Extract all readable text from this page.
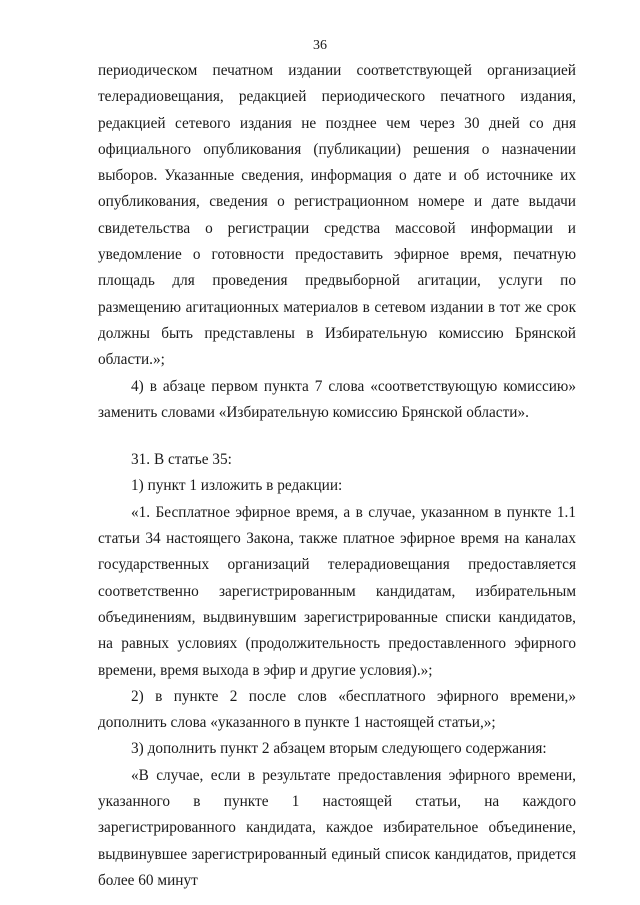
36

периодическом печатном издании соответствующей организацией телерадиовещания, редакцией периодического печатного издания, редакцией сетевого издания не позднее чем через 30 дней со дня официального опубликования (публикации) решения о назначении выборов. Указанные сведения, информация о дате и об источнике их опубликования, сведения о регистрационном номере и дате выдачи свидетельства о регистрации средства массовой информации и уведомление о готовности предоставить эфирное время, печатную площадь для проведения предвыборной агитации, услуги по размещению агитационных материалов в сетевом издании в тот же срок должны быть представлены в Избирательную комиссию Брянской области.»;

4) в абзаце первом пункта 7 слова «соответствующую комиссию» заменить словами «Избирательную комиссию Брянской области».

31. В статье 35:

1) пункт 1 изложить в редакции:

«1. Бесплатное эфирное время, а в случае, указанном в пункте 1.1 статьи 34 настоящего Закона, также платное эфирное время на каналах государственных организаций телерадиовещания предоставляется соответственно зарегистрированным кандидатам, избирательным объединениям, выдвинувшим зарегистрированные списки кандидатов, на равных условиях (продолжительность предоставленного эфирного времени, время выхода в эфир и другие условия).»;

2) в пункте 2 после слов «бесплатного эфирного времени,» дополнить слова «указанного в пункте 1 настоящей статьи,»;

3) дополнить пункт 2 абзацем вторым следующего содержания:

«В случае, если в результате предоставления эфирного времени, указанного в пункте 1 настоящей статьи, на каждого зарегистрированного кандидата, каждое избирательное объединение, выдвинувшее зарегистрированный единый список кандидатов, придется более 60 минут
